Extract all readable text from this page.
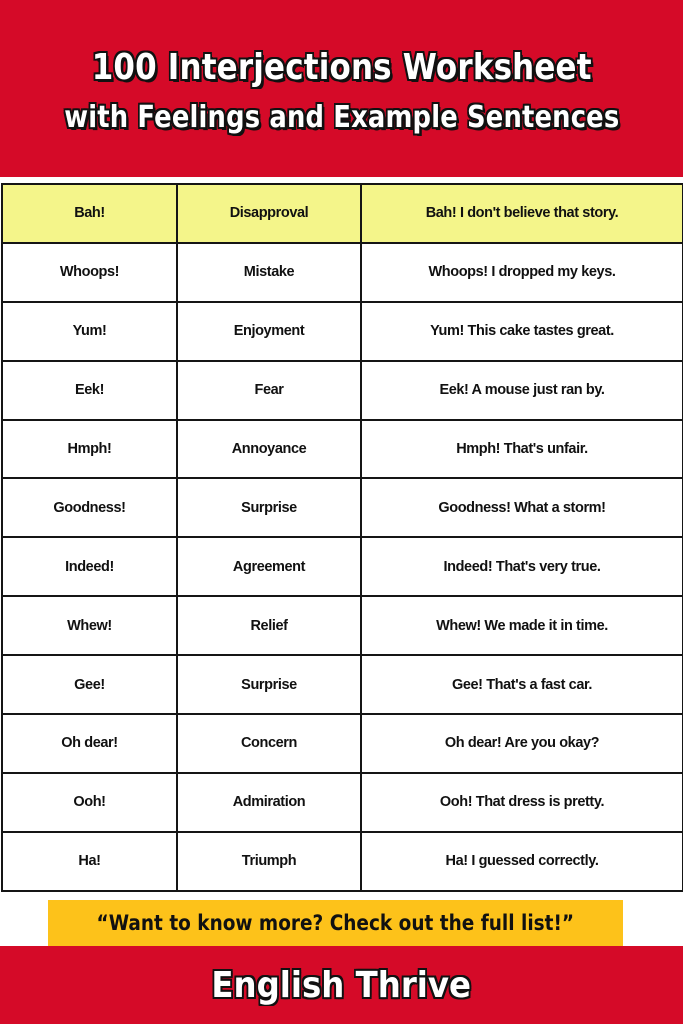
100 Interjections Worksheet
with Feelings and Example Sentences
Bah!	Disapproval	Bah! I don't believe that story.
Whoops!	Mistake	Whoops! I dropped my keys.
Yum!	Enjoyment	Yum! This cake tastes great.
Eek!	Fear	Eek! A mouse just ran by.
Hmph!	Annoyance	Hmph! That's unfair.
Goodness!	Surprise	Goodness! What a storm!
Indeed!	Agreement	Indeed! That's very true.
Whew!	Relief	Whew! We made it in time.
Gee!	Surprise	Gee! That's a fast car.
Oh dear!	Concern	Oh dear! Are you okay?
Ooh!	Admiration	Ooh! That dress is pretty.
Ha!	Triumph	Ha! I guessed correctly.
“Want to know more? Check out the full list!”
English Thrive
